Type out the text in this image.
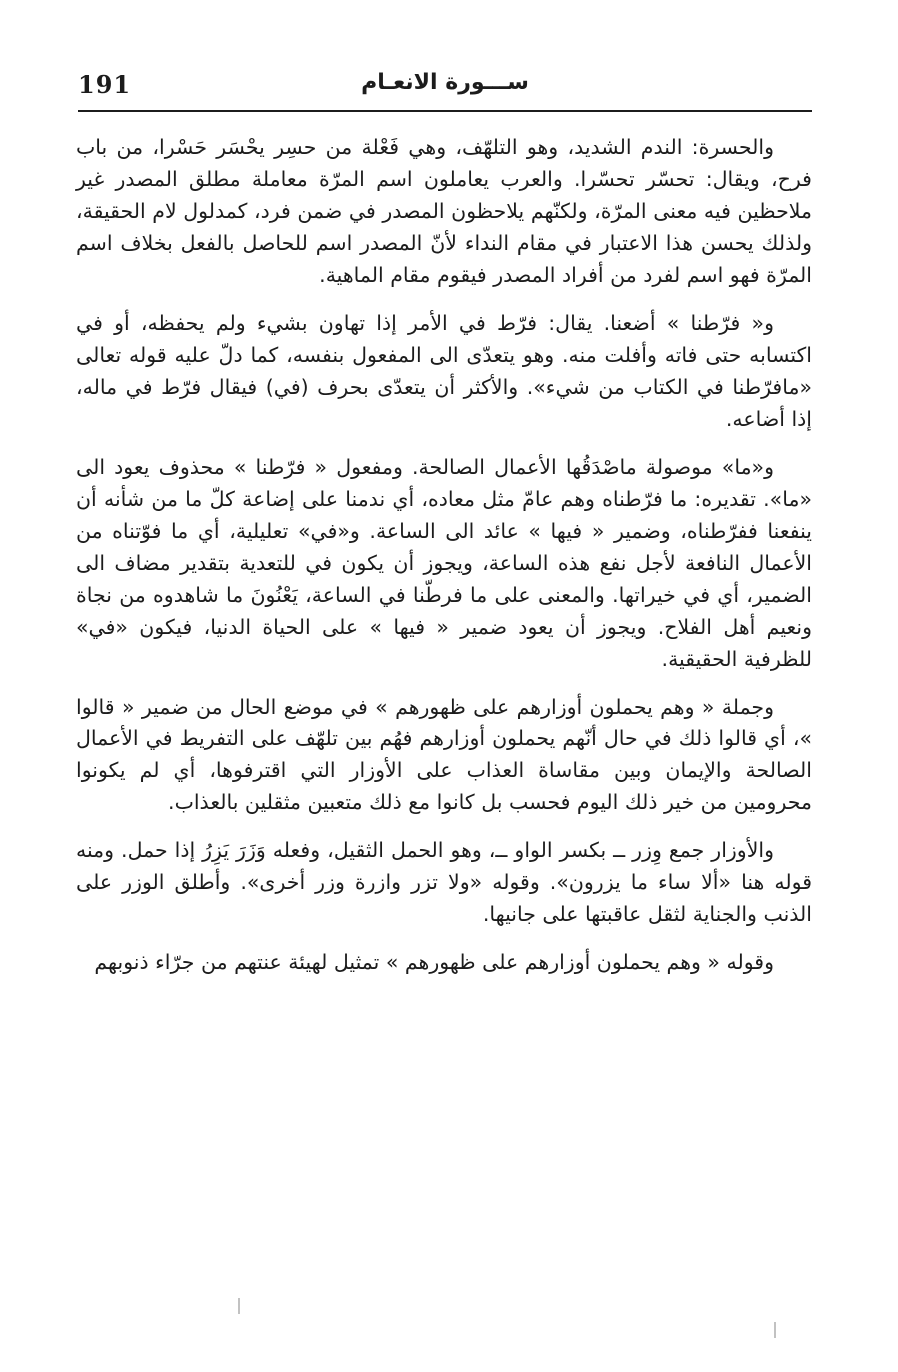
191	ســـورة الانعـام

والحسرة: الندم الشديد، وهو التلهّف، وهي فَعْلة من حسِر يحْسَر حَسْرا، من باب فرح، ويقال: تحسّر تحسّرا. والعرب يعاملون اسم المرّة معاملة مطلق المصدر غير ملاحظين فيه معنى المرّة، ولكنّهم يلاحظون المصدر في ضمن فرد، كمدلول لام الحقيقة، ولذلك يحسن هذا الاعتبار في مقام النداء لأنّ المصدر اسم للحاصل بالفعل بخلاف اسم المرّة فهو اسم لفرد من أفراد المصدر فيقوم مقام الماهية.

و« فرّطنا » أضعنا. يقال: فرّط في الأمر إذا تهاون بشيء ولم يحفظه، أو في اكتسابه حتى فاته وأفلت منه. وهو يتعدّى الى المفعول بنفسه، كما دلّ عليه قوله تعالى «مافرّطنا في الكتاب من شيء». والأكثر أن يتعدّى بحرف (في) فيقال فرّط في ماله، إذا أضاعه.

و«ما» موصولة ماصْدَقُها الأعمال الصالحة. ومفعول « فرّطنا » محذوف يعود الى «ما». تقديره: ما فرّطناه وهم عامّ مثل معاده، أي ندمنا على إضاعة كلّ ما من شأنه أن ينفعنا ففرّطناه، وضمير « فيها » عائد الى الساعة. و«في» تعليلية، أي ما فوّتناه من الأعمال النافعة لأجل نفع هذه الساعة، ويجوز أن يكون في للتعدية بتقدير مضاف الى الضمير، أي في خيراتها. والمعنى على ما فرطّنا في الساعة، يَعْنُونَ ما شاهدوه من نجاة ونعيم أهل الفلاح. ويجوز أن يعود ضمير « فيها » على الحياة الدنيا، فيكون «في» للظرفية الحقيقية.

وجملة « وهم يحملون أوزارهم على ظهورهم » في موضع الحال من ضمير « قالوا »، أي قالوا ذلك في حال أنّهم يحملون أوزارهم فهُم بين تلهّف على التفريط في الأعمال الصالحة والإيمان وبين مقاساة العذاب على الأوزار التي اقترفوها، أي لم يكونوا محرومين من خير ذلك اليوم فحسب بل كانوا مع ذلك متعبين مثقلين بالعذاب.

والأوزار جمع وِزر ــ بكسر الواو ــ، وهو الحمل الثقيل، وفعله وَزَرَ يَزِرُ إذا حمل. ومنه قوله هنا «ألا ساء ما يزرون». وقوله «ولا تزر وازرة وزر أخرى». وأطلق الوزر على الذنب والجناية لثقل عاقبتها على جانيها.

وقوله « وهم يحملون أوزارهم على ظهورهم » تمثيل لهيئة عنتهم من جرّاء ذنوبهم
